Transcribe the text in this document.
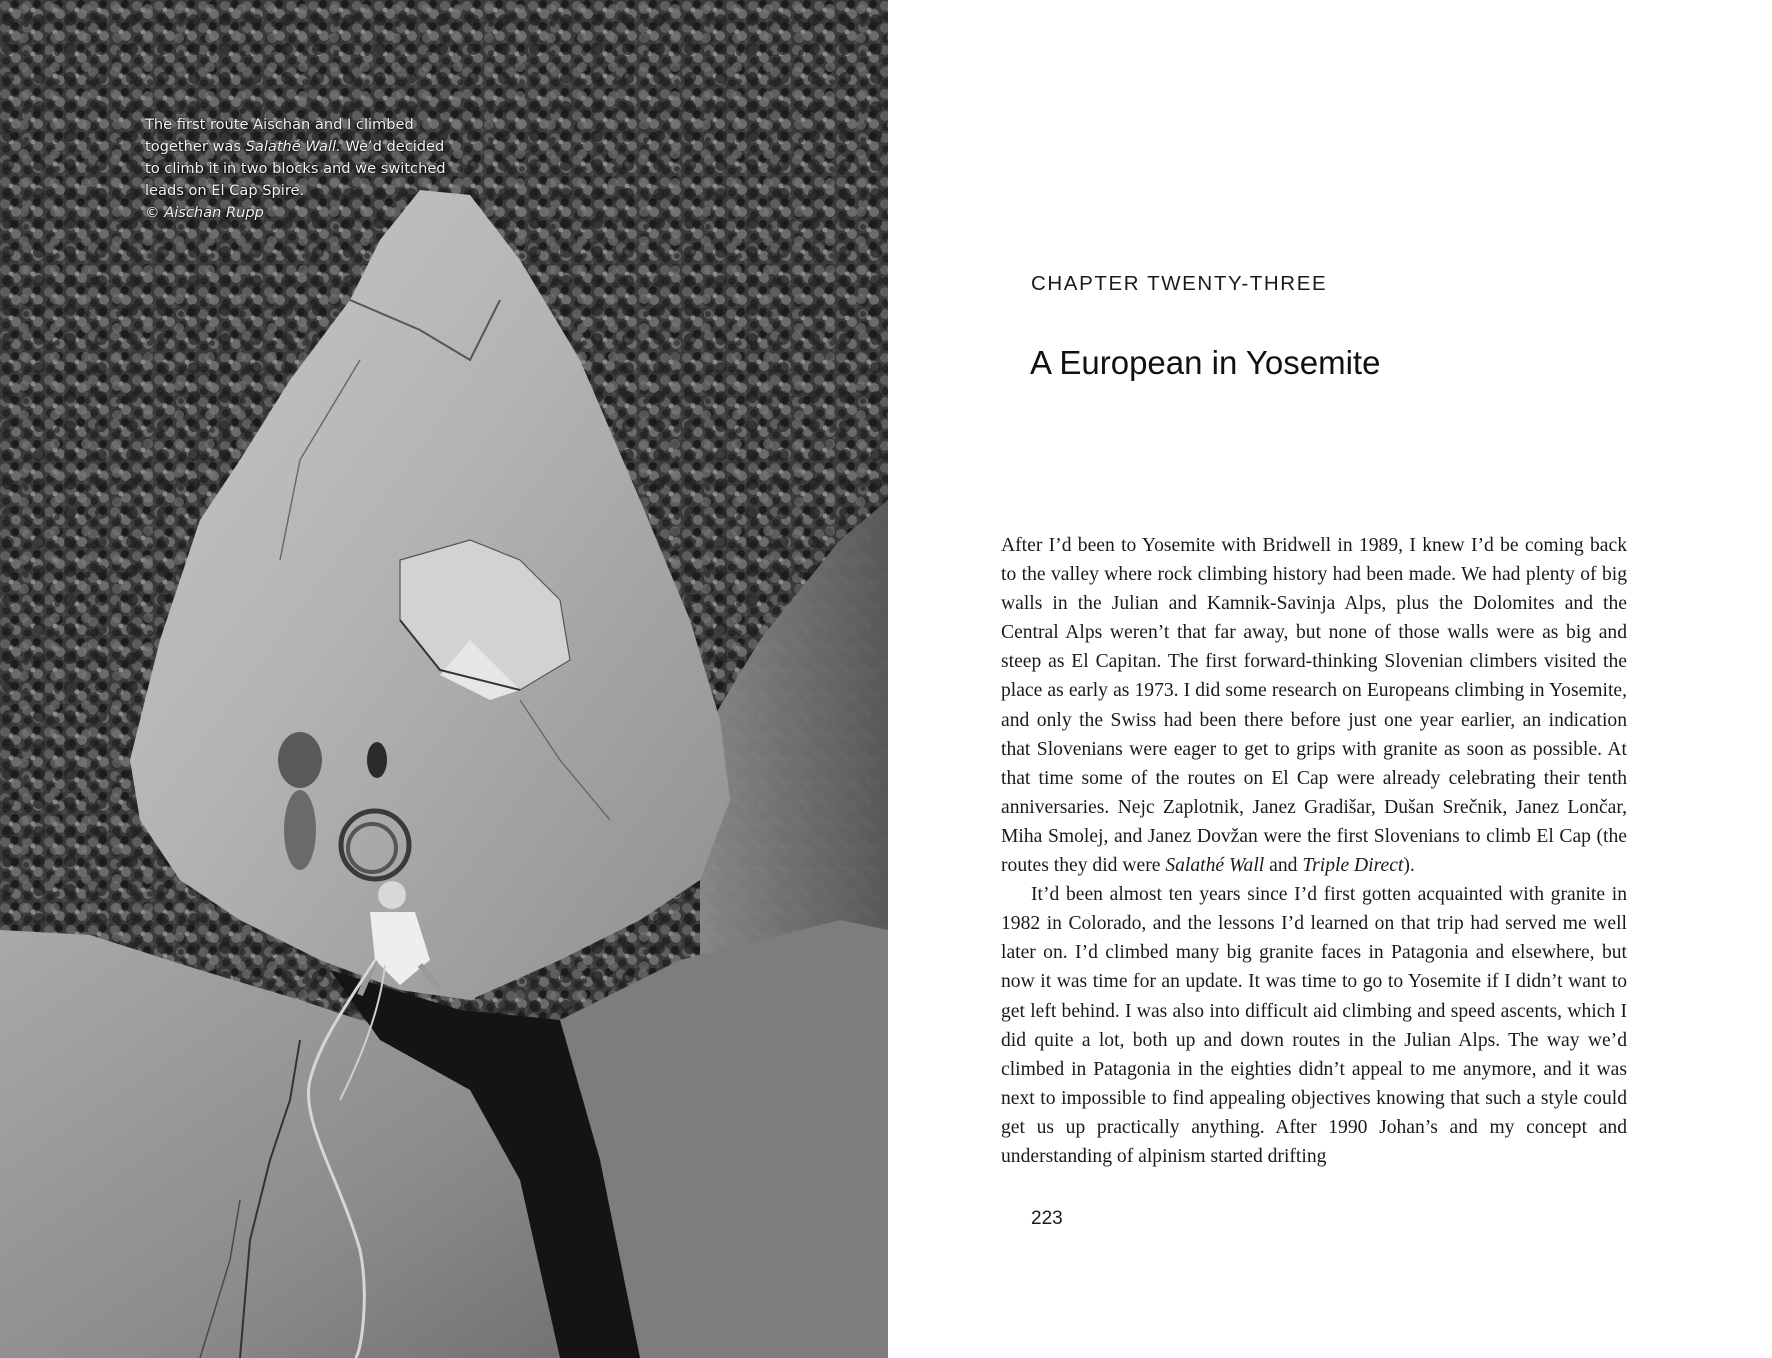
The first route Aischan and I climbed
together was Salathé Wall. We’d decided
to climb it in two blocks and we switched
leads on El Cap Spire.
© Aischan Rupp
CHAPTER TWENTY-THREE
A European in Yosemite

After I’d been to Yosemite with Bridwell in 1989, I knew I’d be coming back to the valley where rock climbing history had been made. We had plenty of big walls in the Julian and Kamnik-Savinja Alps, plus the Dolomites and the Central Alps weren’t that far away, but none of those walls were as big and steep as El Capitan. The first forward-thinking Slovenian climbers visited the place as early as 1973. I did some research on Europeans climbing in Yosemite, and only the Swiss had been there before just one year earlier, an indication that Slovenians were eager to get to grips with granite as soon as possible. At that time some of the routes on El Cap were already celebrating their tenth anniversaries. Nejc Zaplotnik, Janez Gradišar, Dušan Srečnik, Janez Lončar, Miha Smolej, and Janez Dovžan were the first Slovenians to climb El Cap (the routes they did were Salathé Wall and Triple Direct).

It’d been almost ten years since I’d first gotten acquainted with granite in 1982 in Colorado, and the lessons I’d learned on that trip had served me well later on. I’d climbed many big granite faces in Patagonia and elsewhere, but now it was time for an update. It was time to go to Yosemite if I didn’t want to get left behind. I was also into difficult aid climbing and speed ascents, which I did quite a lot, both up and down routes in the Julian Alps. The way we’d climbed in Patagonia in the eighties didn’t appeal to me anymore, and it was next to impossible to find appealing objectives knowing that such a style could get us up practically anything. After 1990 Johan’s and my concept and understanding of alpinism started drifting

223
